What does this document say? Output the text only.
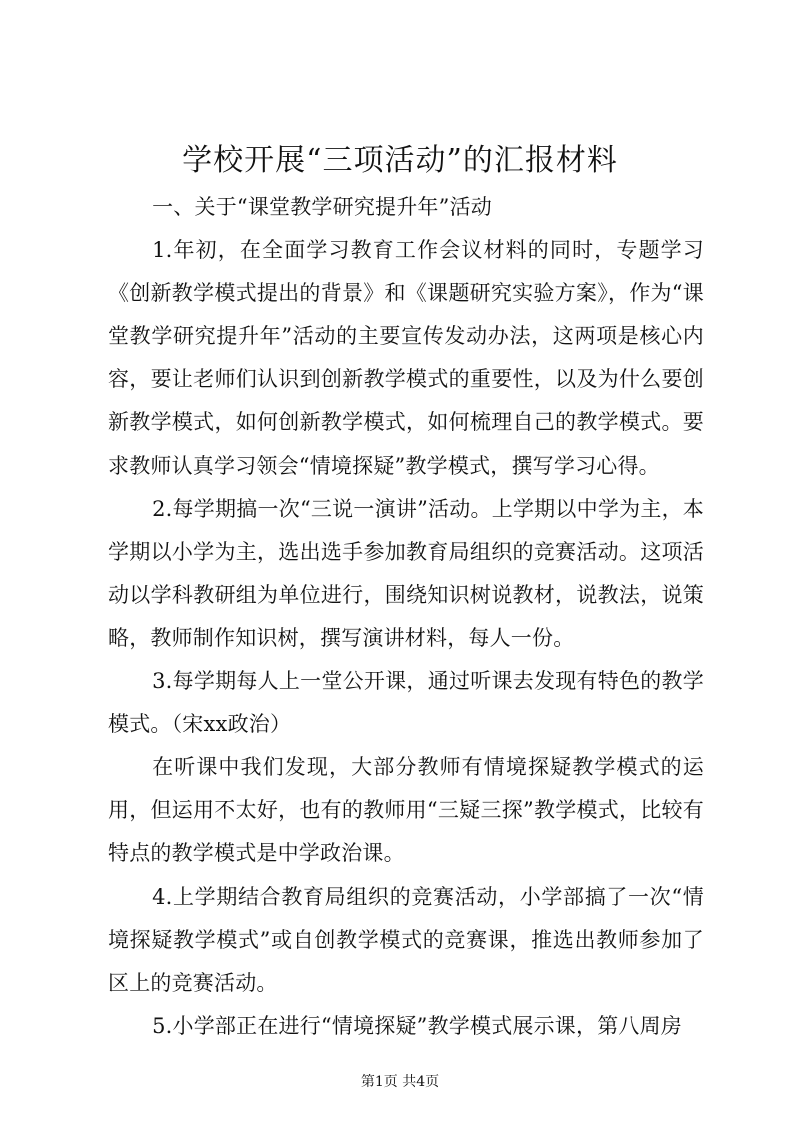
学校开展“三项活动”的汇报材料

一、关于“课堂教学研究提升年”活动

1.年初，在全面学习教育工作会议材料的同时，专题学习《创新教学模式提出的背景》和《课题研究实验方案》，作为“课堂教学研究提升年”活动的主要宣传发动办法，这两项是核心内容，要让老师们认识到创新教学模式的重要性，以及为什么要创新教学模式，如何创新教学模式，如何梳理自己的教学模式。要求教师认真学习领会“情境探疑”教学模式，撰写学习心得。

2.每学期搞一次“三说一演讲”活动。上学期以中学为主，本学期以小学为主，选出选手参加教育局组织的竞赛活动。这项活动以学科教研组为单位进行，围绕知识树说教材，说教法，说策略，教师制作知识树，撰写演讲材料，每人一份。

3.每学期每人上一堂公开课，通过听课去发现有特色的教学模式。（宋xx政治）

在听课中我们发现，大部分教师有情境探疑教学模式的运用，但运用不太好，也有的教师用“三疑三探”教学模式，比较有特点的教学模式是中学政治课。

4.上学期结合教育局组织的竞赛活动，小学部搞了一次“情境探疑教学模式”或自创教学模式的竞赛课，推选出教师参加了区上的竞赛活动。

5.小学部正在进行“情境探疑”教学模式展示课，第八周房

第1页 共4页
